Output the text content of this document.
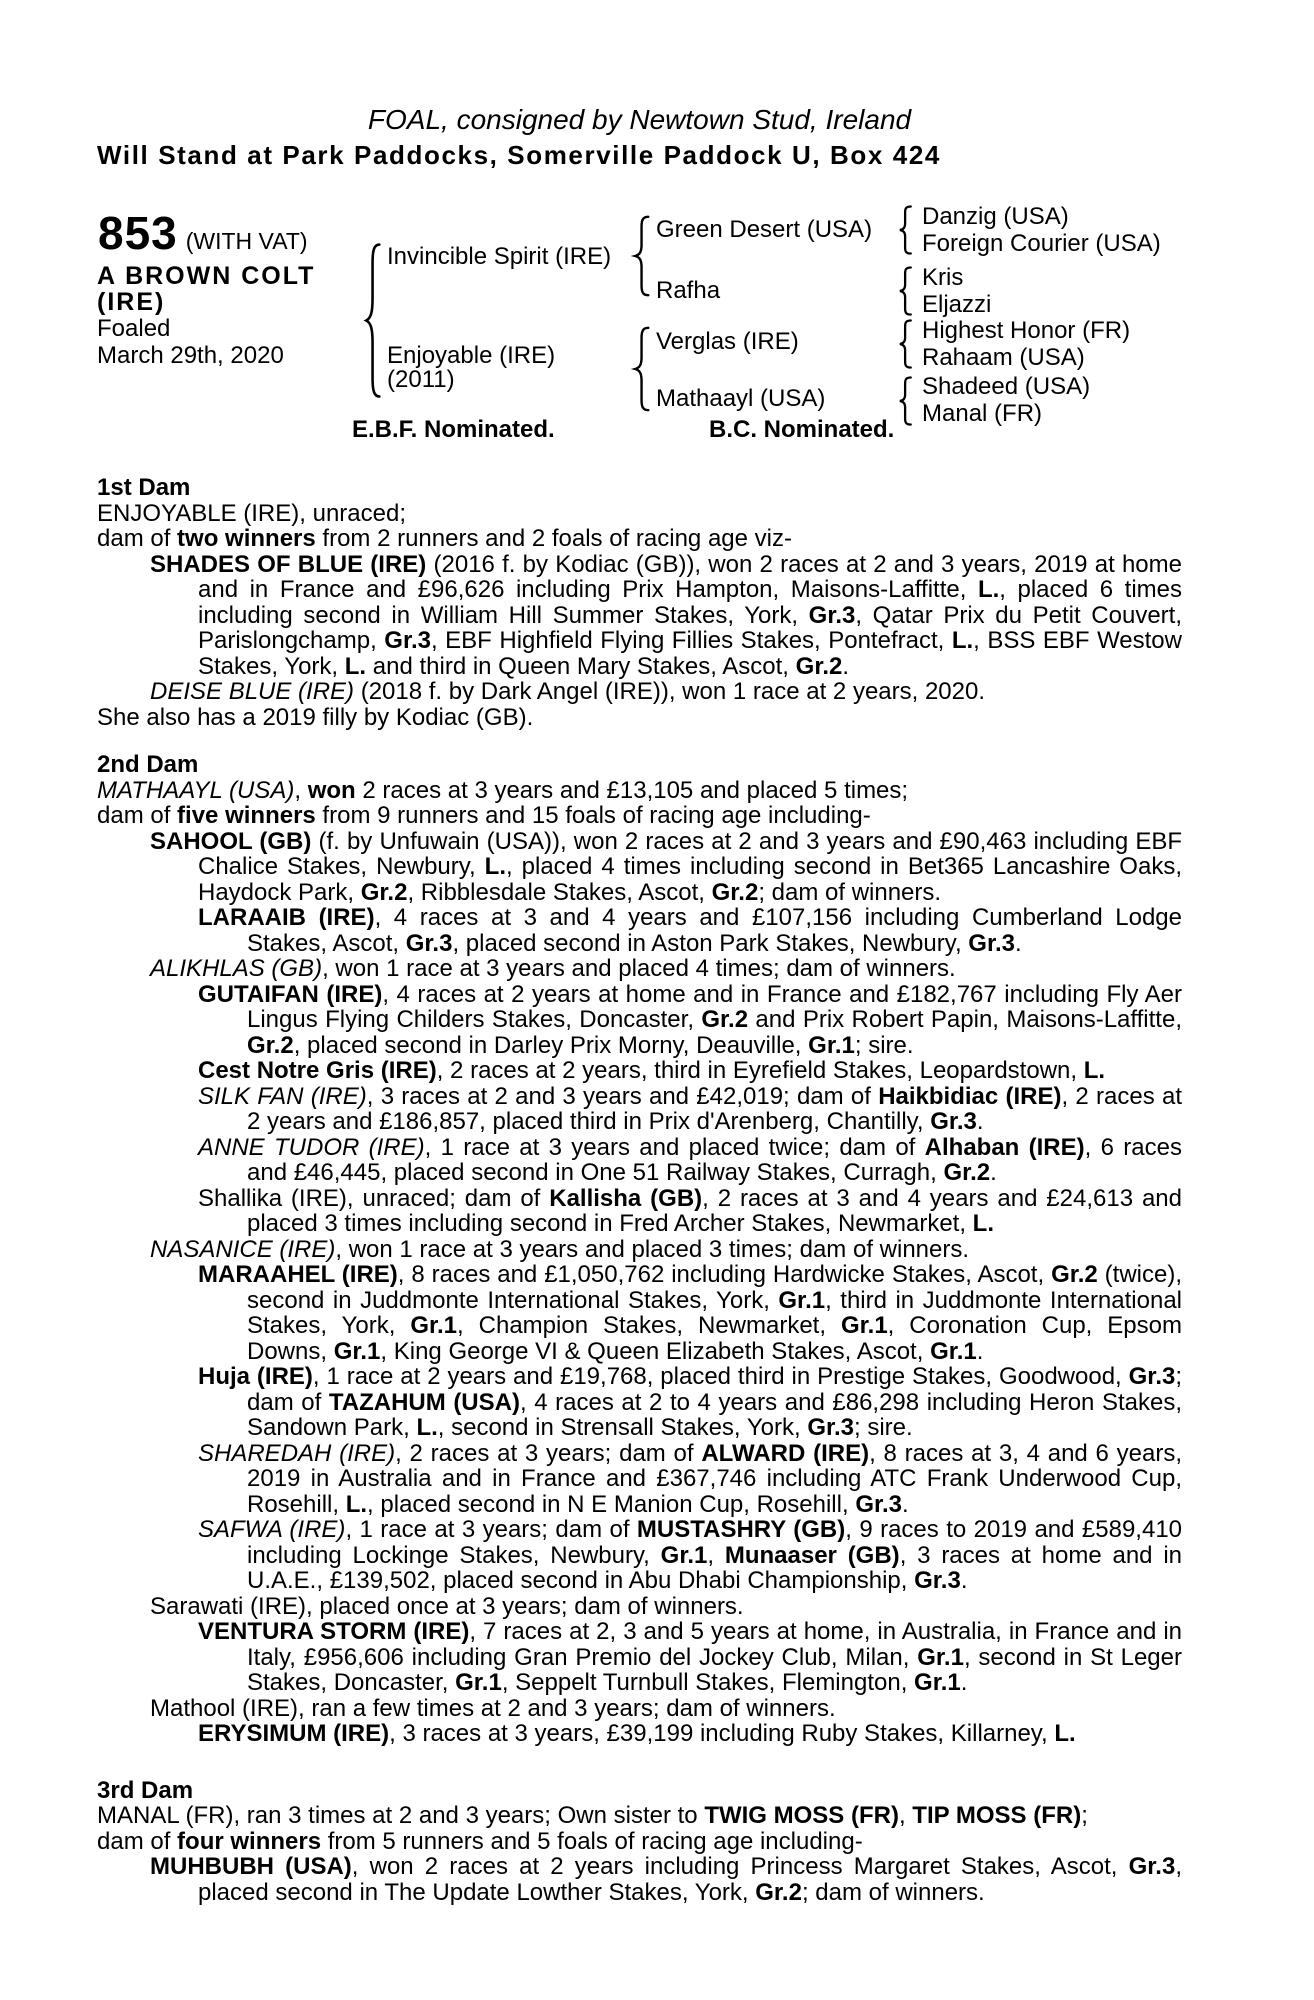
FOAL, consigned by Newtown Stud, Ireland
Will Stand at Park Paddocks, Somerville Paddock U, Box 424
853 (WITH VAT)
A BROWN COLT
(IRE)
Foaled
March 29th, 2020
Invincible Spirit (IRE)
Enjoyable (IRE)
(2011)
Green Desert (USA)
Rafha
Verglas (IRE)
Mathaayl (USA)
Danzig (USA)
Foreign Courier (USA)
Kris
Eljazzi
Highest Honor (FR)
Rahaam (USA)
Shadeed (USA)
Manal (FR)
E.B.F. Nominated.	B.C. Nominated.

1st Dam

ENJOYABLE (IRE), unraced;

dam of two winners from 2 runners and 2 foals of racing age viz-

SHADES OF BLUE (IRE) (2016 f. by Kodiac (GB)), won 2 races at 2 and 3 years, 2019 at home and in France and £96,626 including Prix Hampton, Maisons-Laffitte, L., placed 6 times including second in William Hill Summer Stakes, York, Gr.3, Qatar Prix du Petit Couvert, Parislongchamp, Gr.3, EBF Highfield Flying Fillies Stakes, Pontefract, L., BSS EBF Westow Stakes, York, L. and third in Queen Mary Stakes, Ascot, Gr.2.

DEISE BLUE (IRE) (2018 f. by Dark Angel (IRE)), won 1 race at 2 years, 2020.

She also has a 2019 filly by Kodiac (GB).

2nd Dam

MATHAAYL (USA), won 2 races at 3 years and £13,105 and placed 5 times;

dam of five winners from 9 runners and 15 foals of racing age including-

SAHOOL (GB) (f. by Unfuwain (USA)), won 2 races at 2 and 3 years and £90,463 including EBF Chalice Stakes, Newbury, L., placed 4 times including second in Bet365 Lancashire Oaks, Haydock Park, Gr.2, Ribblesdale Stakes, Ascot, Gr.2; dam of winners.

LARAAIB (IRE), 4 races at 3 and 4 years and £107,156 including Cumberland Lodge Stakes, Ascot, Gr.3, placed second in Aston Park Stakes, Newbury, Gr.3.

ALIKHLAS (GB), won 1 race at 3 years and placed 4 times; dam of winners.

GUTAIFAN (IRE), 4 races at 2 years at home and in France and £182,767 including Fly Aer Lingus Flying Childers Stakes, Doncaster, Gr.2 and Prix Robert Papin, Maisons-Laffitte, Gr.2, placed second in Darley Prix Morny, Deauville, Gr.1; sire.

Cest Notre Gris (IRE), 2 races at 2 years, third in Eyrefield Stakes, Leopardstown, L.

SILK FAN (IRE), 3 races at 2 and 3 years and £42,019; dam of Haikbidiac (IRE), 2 races at 2 years and £186,857, placed third in Prix d'Arenberg, Chantilly, Gr.3.

ANNE TUDOR (IRE), 1 race at 3 years and placed twice; dam of Alhaban (IRE), 6 races and £46,445, placed second in One 51 Railway Stakes, Curragh, Gr.2.

Shallika (IRE), unraced; dam of Kallisha (GB), 2 races at 3 and 4 years and £24,613 and placed 3 times including second in Fred Archer Stakes, Newmarket, L.

NASANICE (IRE), won 1 race at 3 years and placed 3 times; dam of winners.

MARAAHEL (IRE), 8 races and £1,050,762 including Hardwicke Stakes, Ascot, Gr.2 (twice), second in Juddmonte International Stakes, York, Gr.1, third in Juddmonte International Stakes, York, Gr.1, Champion Stakes, Newmarket, Gr.1, Coronation Cup, Epsom Downs, Gr.1, King George VI & Queen Elizabeth Stakes, Ascot, Gr.1.

Huja (IRE), 1 race at 2 years and £19,768, placed third in Prestige Stakes, Goodwood, Gr.3; dam of TAZAHUM (USA), 4 races at 2 to 4 years and £86,298 including Heron Stakes, Sandown Park, L., second in Strensall Stakes, York, Gr.3; sire.

SHAREDAH (IRE), 2 races at 3 years; dam of ALWARD (IRE), 8 races at 3, 4 and 6 years, 2019 in Australia and in France and £367,746 including ATC Frank Underwood Cup, Rosehill, L., placed second in N E Manion Cup, Rosehill, Gr.3.

SAFWA (IRE), 1 race at 3 years; dam of MUSTASHRY (GB), 9 races to 2019 and £589,410 including Lockinge Stakes, Newbury, Gr.1, Munaaser (GB), 3 races at home and in U.A.E., £139,502, placed second in Abu Dhabi Championship, Gr.3.

Sarawati (IRE), placed once at 3 years; dam of winners.

VENTURA STORM (IRE), 7 races at 2, 3 and 5 years at home, in Australia, in France and in Italy, £956,606 including Gran Premio del Jockey Club, Milan, Gr.1, second in St Leger Stakes, Doncaster, Gr.1, Seppelt Turnbull Stakes, Flemington, Gr.1.

Mathool (IRE), ran a few times at 2 and 3 years; dam of winners.

ERYSIMUM (IRE), 3 races at 3 years, £39,199 including Ruby Stakes, Killarney, L.

3rd Dam

MANAL (FR), ran 3 times at 2 and 3 years; Own sister to TWIG MOSS (FR), TIP MOSS (FR);

dam of four winners from 5 runners and 5 foals of racing age including-

MUHBUBH (USA), won 2 races at 2 years including Princess Margaret Stakes, Ascot, Gr.3, placed second in The Update Lowther Stakes, York, Gr.2; dam of winners.
